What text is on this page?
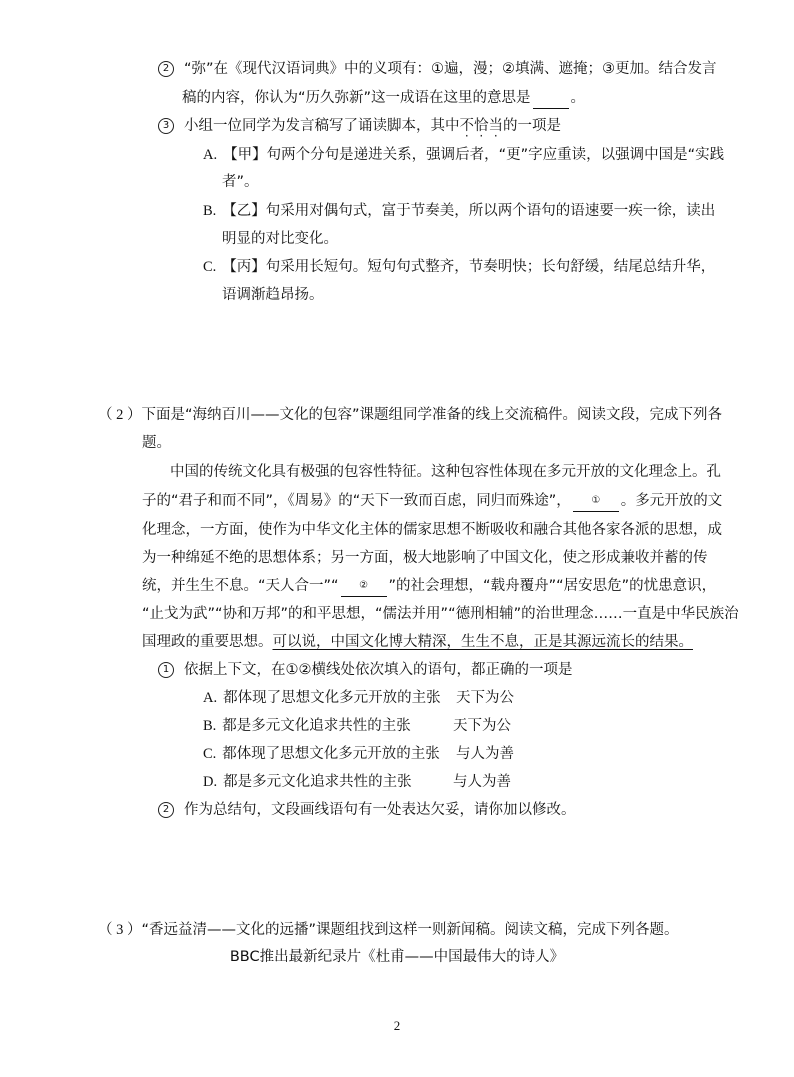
2 “弥”在《现代汉语词典》中的义项有：①遍，漫；②填满、遮掩；③更加。结合发言
稿的内容，你认为“历久弥新”这一成语在这里的意思是	。
3 小组一位同学为发言稿写了诵读脚本，其中不恰当的一项是
A. 【甲】句两个分句是递进关系，强调后者，“更”字应重读，以强调中国是“实践
者”。
B. 【乙】句采用对偶句式，富于节奏美，所以两个语句的语速要一疾一徐，读出
明显的对比变化。
C. 【丙】句采用长短句。短句句式整齐，节奏明快；长句舒缓，结尾总结升华，
语调渐趋昂扬。
（ 2 ）下面是“海纳百川——文化的包容”课题组同学准备的线上交流稿件。阅读文段，完成下列各
题。
中国的传统文化具有极强的包容性特征。这种包容性体现在多元开放的文化理念上。孔
子的“君子和而不同”，《周易》的“天下一致而百虑，同归而殊途”， ① 。多元开放的文
化理念，一方面，使作为中华文化主体的儒家思想不断吸收和融合其他各家各派的思想，成
为一种绵延不绝的思想体系；另一方面，极大地影响了中国文化，使之形成兼收并蓄的传
统，并生生不息。“天人合一”“ ② ”的社会理想，“载舟覆舟”“居安思危”的忧患意识，
“止戈为武”“协和万邦”的和平思想，“儒法并用”“德刑相辅”的治世理念……一直是中华民族治
国理政的重要思想。可以说，中国文化博大精深，生生不息，正是其源远流长的结果。
1 依据上下文，在①②横线处依次填入的语句，都正确的一项是
A. 都体现了思想文化多元开放的主张 天下为公
B. 都是多元文化追求共性的主张	天下为公
C. 都体现了思想文化多元开放的主张 与人为善
D. 都是多元文化追求共性的主张	与人为善
2 作为总结句，文段画线语句有一处表达欠妥，请你加以修改。
（ 3 ）“香远益清——文化的远播”课题组找到这样一则新闻稿。阅读文稿，完成下列各题。
BBC推出最新纪录片《杜甫——中国最伟大的诗人》
2
